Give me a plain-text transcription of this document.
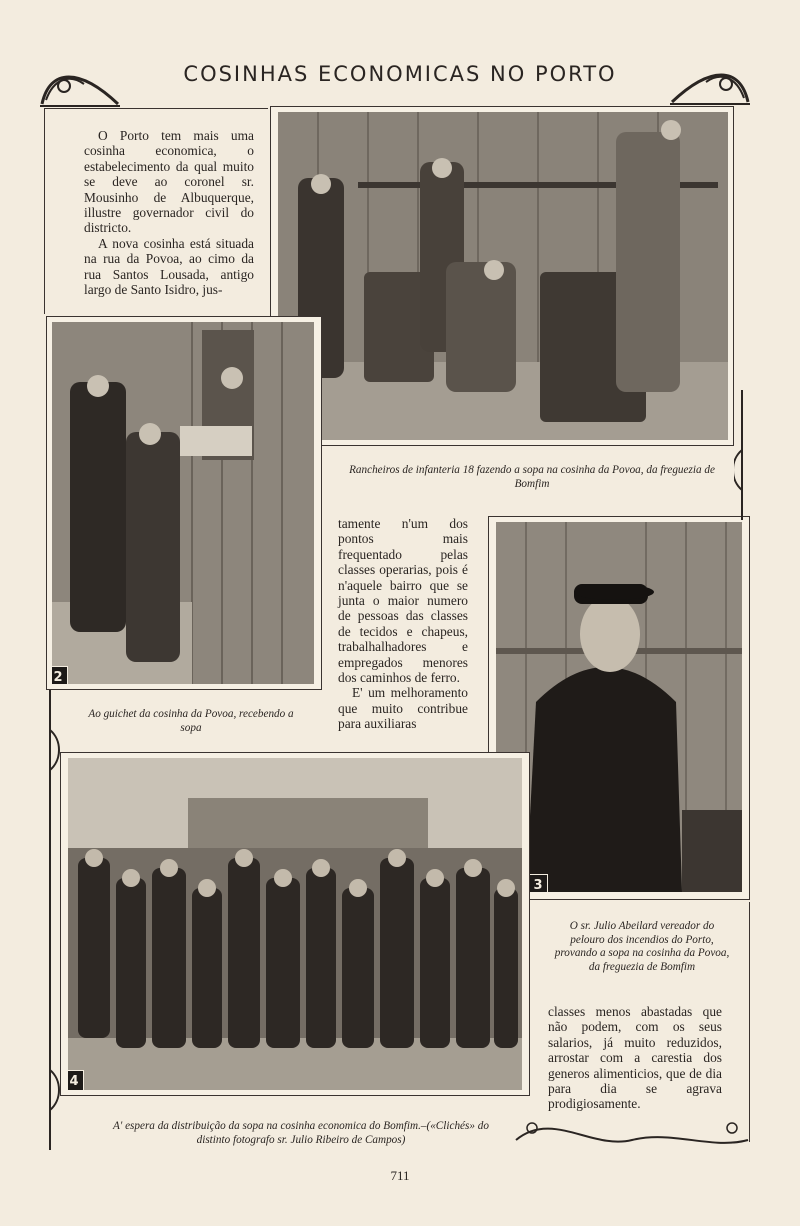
COSINHAS ECONOMICAS NO PORTO

O Porto tem mais uma cosinha economica, o estabelecimento da qual muito se deve ao coronel sr. Mousinho de Albuquerque, illustre governador civil do districto.

A nova cosinha está situada na rua da Povoa, ao cimo da rua Santos Lousada, antigo largo de Santo Isidro, jus-

Rancheiros de infanteria 18 fazendo a sopa na cosinha da Povoa, da freguezia de Bomfim
2
Ao guichet da cosinha da Povoa, recebendo a sopa

tamente n'um dos pontos mais frequentado pelas classes operarias, pois é n'aquele bairro que se junta o maior numero de pessoas das classes de tecidos e chapeus, trabalhalhadores e empregados menores dos caminhos de ferro.

E' um melhoramento que muito contribue para auxiliaras

3
4
A' espera da distribuição da sopa na cosinha economica do Bomfim.–(«Clichés» do distinto fotografo sr. Julio Ribeiro de Campos)
O sr. Julio Abeilard vereador do pelouro dos incendios do Porto, provando a sopa na cosinha da Povoa, da freguezia de Bomfim

classes menos abastadas que não podem, com os seus salarios, já muito reduzidos, arrostar com a carestia dos generos alimenticios, que de dia para dia se agrava prodigiosamente.

711
